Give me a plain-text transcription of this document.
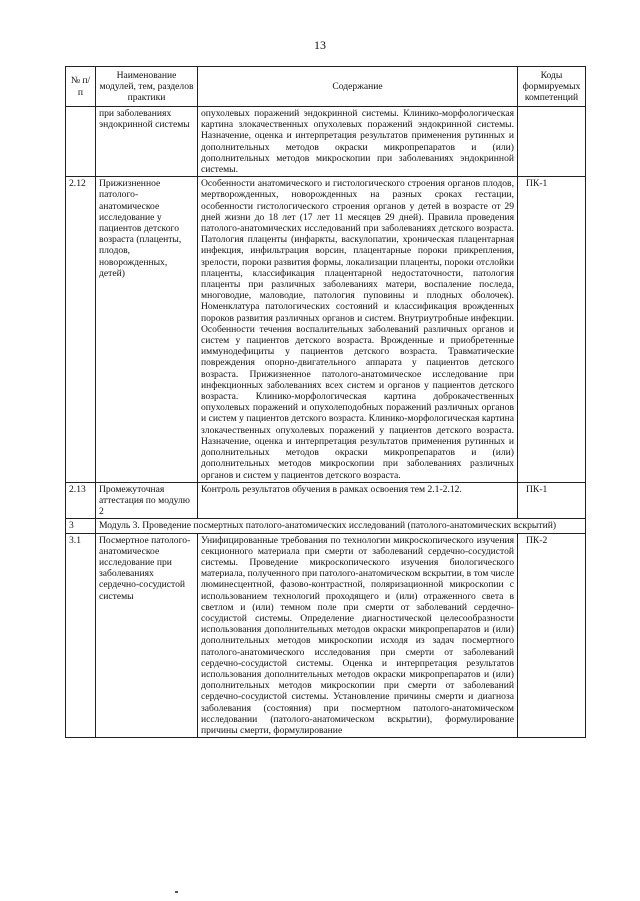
13
№ п/п	Наименование модулей, тем, разделов практики	Содержание	Коды формируемых компетенций
	при заболеваниях эндокринной системы	опухолевых поражений эндокринной системы. Клинико-морфологическая картина злокачественных опухолевых поражений эндокринной системы. Назначение, оценка и интерпретация результатов применения рутинных и дополнительных методов окраски микропрепаратов и (или) дополнительных методов микроскопии при заболеваниях эндокринной системы.	
2.12	Прижизненное патолого-анатомическое исследование у пациентов детского возраста (плаценты, плодов, новорожденных, детей)	Особенности анатомического и гистологического строения органов плодов, мертворожденных, новорожденных на разных сроках гестации, особенности гистологического строения органов у детей в возрасте от 29 дней жизни до 18 лет (17 лет 11 месяцев 29 дней). Правила проведения патолого-анатомических исследований при заболеваниях детского возраста. Патология плаценты (инфаркты, васкулопатии, хроническая плацентарная инфекция, инфильтрация ворсин, плацентарные пороки прикрепления, зрелости, пороки развития формы, локализации плаценты, пороки отслойки плаценты, классификация плацентарной недостаточности, патология плаценты при различных заболеваниях матери, воспаление последа, многоводие, маловодие, патология пуповины и плодных оболочек). Номенклатура патологических состояний и классификация врожденных пороков развития различных органов и систем. Внутриутробные инфекции. Особенности течения воспалительных заболеваний различных органов и систем у пациентов детского возраста. Врожденные и приобретенные иммунодефициты у пациентов детского возраста. Травматические повреждения опорно-двигательного аппарата у пациентов детского возраста. Прижизненное патолого-анатомическое исследование при инфекционных заболеваниях всех систем и органов у пациентов детского возраста. Клинико-морфологическая картина доброкачественных опухолевых поражений и опухолеподобных поражений различных органов и систем у пациентов детского возраста. Клинико-морфологическая картина злокачественных опухолевых поражений у пациентов детского возраста. Назначение, оценка и интерпретация результатов применения рутинных и дополнительных методов окраски микропрепаратов и (или) дополнительных методов микроскопии при заболеваниях различных органов и систем у пациентов детского возраста.	ПК-1
2.13	Промежуточная аттестация по модулю 2	Контроль результатов обучения в рамках освоения тем 2.1-2.12.	ПК-1
3	Модуль 3. Проведение посмертных патолого-анатомических исследований (патолого-анатомических вскрытий)		
3.1	Посмертное патолого-анатомическое исследование при заболеваниях сердечно-сосудистой системы	Унифицированные требования по технологии микроскопического изучения секционного материала при смерти от заболеваний сердечно-сосудистой системы. Проведение микроскопического изучения биологического материала, полученного при патолого-анатомическом вскрытии, в том числе люминесцентной, фазово-контрастной, поляризационной микроскопии с использованием технологий проходящего и (или) отраженного света в светлом и (или) темном поле при смерти от заболеваний сердечно-сосудистой системы. Определение диагностической целесообразности использования дополнительных методов окраски микропрепаратов и (или) дополнительных методов микроскопии исходя из задач посмертного патолого-анатомического исследования при смерти от заболеваний сердечно-сосудистой системы. Оценка и интерпретация результатов использования дополнительных методов окраски микропрепаратов и (или) дополнительных методов микроскопии при смерти от заболеваний сердечно-сосудистой системы. Установление причины смерти и диагноза заболевания (состояния) при посмертном патолого-анатомическом исследовании (патолого-анатомическом вскрытии), формулирование причины смерти, формулирование	ПК-2
